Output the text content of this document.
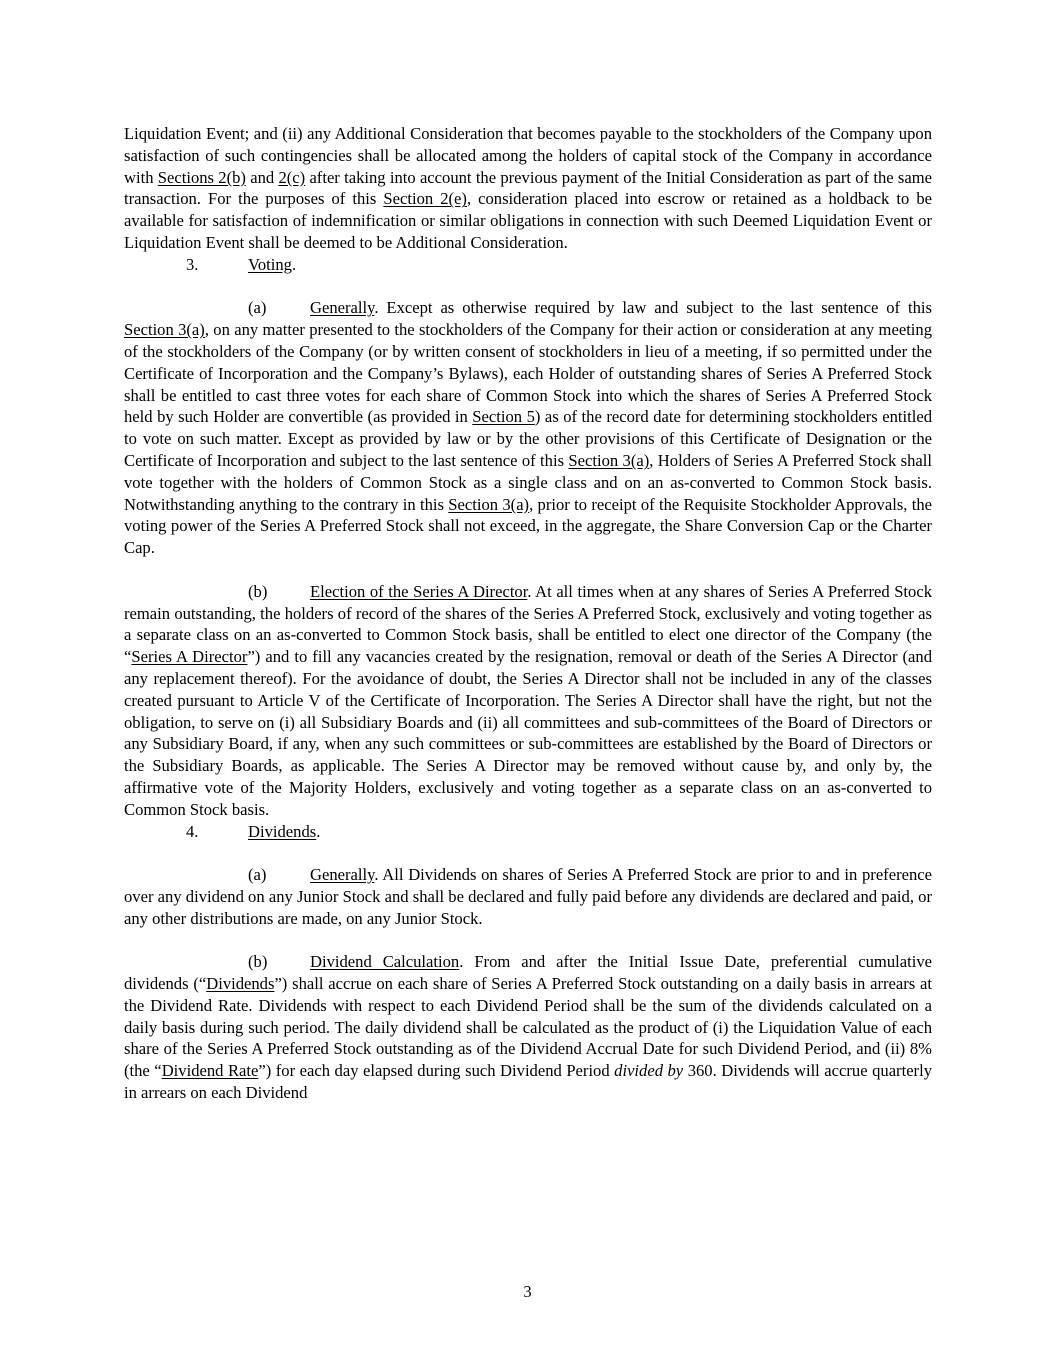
Liquidation Event; and (ii) any Additional Consideration that becomes payable to the stockholders of the Company upon satisfaction of such contingencies shall be allocated among the holders of capital stock of the Company in accordance with Sections 2(b) and 2(c) after taking into account the previous payment of the Initial Consideration as part of the same transaction. For the purposes of this Section 2(e), consideration placed into escrow or retained as a holdback to be available for satisfaction of indemnification or similar obligations in connection with such Deemed Liquidation Event or Liquidation Event shall be deemed to be Additional Consideration.

3.	Voting.

(a)	Generally. Except as otherwise required by law and subject to the last sentence of this Section 3(a), on any matter presented to the stockholders of the Company for their action or consideration at any meeting of the stockholders of the Company (or by written consent of stockholders in lieu of a meeting, if so permitted under the Certificate of Incorporation and the Company’s Bylaws), each Holder of outstanding shares of Series A Preferred Stock shall be entitled to cast three votes for each share of Common Stock into which the shares of Series A Preferred Stock held by such Holder are convertible (as provided in Section 5) as of the record date for determining stockholders entitled to vote on such matter. Except as provided by law or by the other provisions of this Certificate of Designation or the Certificate of Incorporation and subject to the last sentence of this Section 3(a), Holders of Series A Preferred Stock shall vote together with the holders of Common Stock as a single class and on an as-converted to Common Stock basis. Notwithstanding anything to the contrary in this Section 3(a), prior to receipt of the Requisite Stockholder Approvals, the voting power of the Series A Preferred Stock shall not exceed, in the aggregate, the Share Conversion Cap or the Charter Cap.

(b)	Election of the Series A Director. At all times when at any shares of Series A Preferred Stock remain outstanding, the holders of record of the shares of the Series A Preferred Stock, exclusively and voting together as a separate class on an as-converted to Common Stock basis, shall be entitled to elect one director of the Company (the “Series A Director”) and to fill any vacancies created by the resignation, removal or death of the Series A Director (and any replacement thereof). For the avoidance of doubt, the Series A Director shall not be included in any of the classes created pursuant to Article V of the Certificate of Incorporation. The Series A Director shall have the right, but not the obligation, to serve on (i) all Subsidiary Boards and (ii) all committees and sub-committees of the Board of Directors or any Subsidiary Board, if any, when any such committees or sub-committees are established by the Board of Directors or the Subsidiary Boards, as applicable. The Series A Director may be removed without cause by, and only by, the affirmative vote of the Majority Holders, exclusively and voting together as a separate class on an as-converted to Common Stock basis.

4.	Dividends.

(a)	Generally. All Dividends on shares of Series A Preferred Stock are prior to and in preference over any dividend on any Junior Stock and shall be declared and fully paid before any dividends are declared and paid, or any other distributions are made, on any Junior Stock.

(b)	Dividend Calculation. From and after the Initial Issue Date, preferential cumulative dividends (“Dividends”) shall accrue on each share of Series A Preferred Stock outstanding on a daily basis in arrears at the Dividend Rate. Dividends with respect to each Dividend Period shall be the sum of the dividends calculated on a daily basis during such period. The daily dividend shall be calculated as the product of (i) the Liquidation Value of each share of the Series A Preferred Stock outstanding as of the Dividend Accrual Date for such Dividend Period, and (ii) 8% (the “Dividend Rate”) for each day elapsed during such Dividend Period divided by 360. Dividends will accrue quarterly in arrears on each Dividend

3
